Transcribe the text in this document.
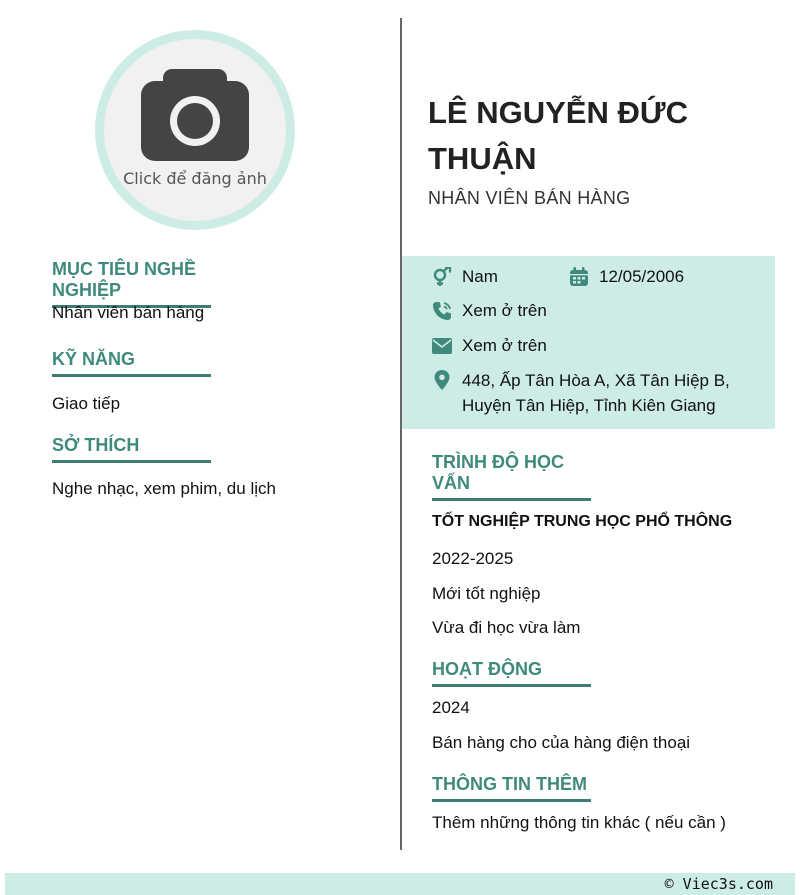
Click để đăng ảnh
MỤC TIÊU NGHỀ NGHIỆP
Nhân viên bán hàng
KỸ NĂNG
Giao tiếp
SỞ THÍCH
Nghe nhạc, xem phim, du lịch
LÊ NGUYỄN ĐỨC THUẬN
NHÂN VIÊN BÁN HÀNG
Nam	12/05/2006
Xem ở trên
Xem ở trên
448, Ấp Tân Hòa A, Xã Tân Hiệp B,
Huyện Tân Hiệp, Tỉnh Kiên Giang
TRÌNH ĐỘ HỌC VẤN
TỐT NGHIỆP TRUNG HỌC PHỔ THÔNG
2022-2025
Mới tốt nghiệp
Vừa đi học vừa làm
HOẠT ĐỘNG
2024
Bán hàng cho của hàng điện thoại
THÔNG TIN THÊM
Thêm những thông tin khác ( nếu cần )
© Viec3s.com
